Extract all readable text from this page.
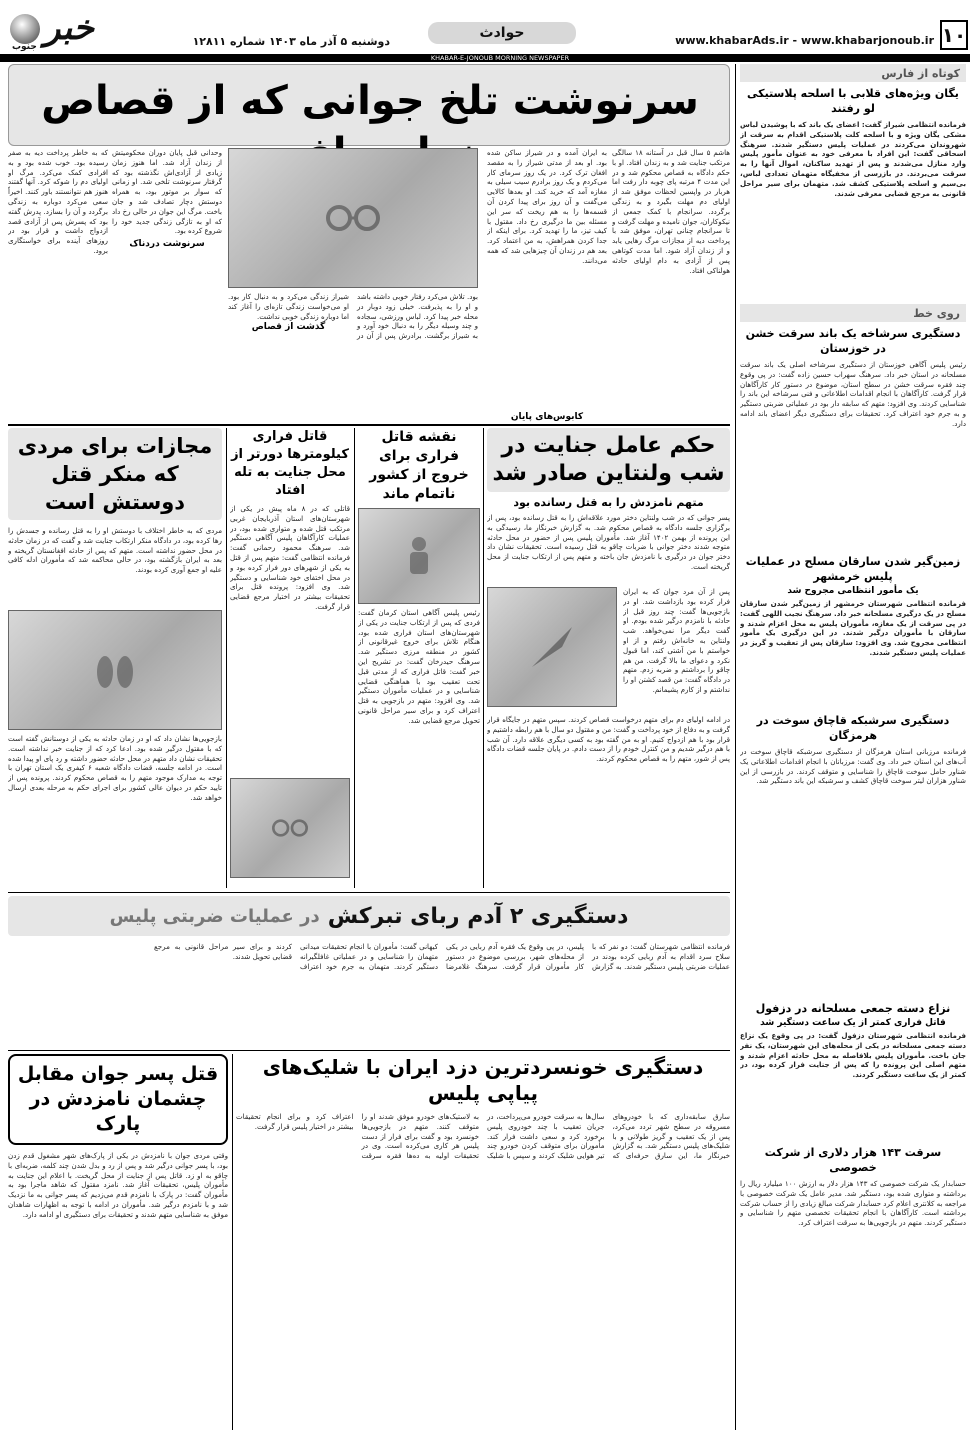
۱۰
www.khabarAds.ir - www.khabarjonoub.ir
حوادث
دوشنبه ۵ آذر ماه ۱۴۰۳ شماره ۱۲۸۱۱
خبر
جنوب
KHABAR-E-JONOUB MORNING NEWSPAPER
سرنوشت تلخ جوانی که از قصاص
هاشم ۵ سال قبل در آستانه ۱۸ سالگی مرتکب جنایت شد و به زندان افتاد. او با حکم دادگاه به قصاص محکوم شد و در این مدت ۴ مرتبه پای چوبه دار رفت اما هربار در واپسین لحظات موفق شد از اولیای دم مهلت بگیرد و به زندگی برگردد. سرانجام با کمک جمعی از نیکوکاران، جوان نامیده و مهلت گرفت و تا سرانجام چنانی تهران، موفق شد با پرداخت دیه از مجازات مرگ رهایی یابد و از زندان آزاد شود. اما مدت کوتاهی پس از آزادی به دام اولیای حادثه هولناکی افتاد.
به ایران آمده و در شیراز ساکن شده بود. او بعد از مدتی شیراز را به مقصد افغان ترک کرد. در یک روز سرمای کار می‌کردم و یک روز برادرم سیب سیلی به مغازه آمد که خرید کند. او بعدها کالایی می‌گفت و آن روز برای پیدا کردن آن قسمه‌ها را به هم ریخت که سر این مسئله بین ما درگیری رخ داد. مقتول با کیف تیز، ما را تهدید کرد. برای اینکه از جدا کردن همراهش، به من اعتماد کرد. بعد هم در زندان آن چیزهایی شد که همه می‌دانند.
کابوس‌های پایان
بود. تلاش می‌کرد رفتار خوبی داشته باشد و او را به پذیرفت. خیلی زود دوبار در محله خبر پیدا کرد. لباس ورزشی، سجاده و چند وسیله دیگر را به دنبال خود آورد و به شیراز برگشت. برادرش پس از آن در شیراز زندگی می‌کرد و به دنبال کار بود. او می‌خواست زندگی تازه‌ای را آغاز کند اما دوباره زندگی خوبی نداشت.
گذشت از قصاص
وحدانی قبل پایان دوران محکومیتش از زندان آزاد شد. اما هنوز زمان زیادی از آزادی‌اش نگذشته بود که گرفتار سرنوشت تلخی شد. او زمانی که سوار بر موتور بود، به همراه دوستش دچار تصادف شد و جان باخت. مرگ این جوان در حالی رخ داد که او به تازگی زندگی جدید خود را شروع کرده بود.
سرنوشت دردناک
که به خاطر پرداخت دیه به صفر رسیده بود. خوب شده بود و به افرادی کمک می‌کرد. مرگ او اولیای دم را شوکه کرد. آنها گفتند هنوز هم نتوانستند باور کنند. اخیراً سعی می‌کرد دوباره به زندگی برگردد و آن را بسازد. پدرش گفته بود که پسرش پس از آزادی قصد ازدواج داشت و قرار بود در روزهای آینده برای خواستگاری برود.
حکم عامل جنایت در شب ولنتاین صادر شد
متهم نامزدش را به قتل رسانده بود
پسر جوانی که در شب ولنتاین دختر مورد علاقه‌اش را به قتل رسانده بود، پس از برگزاری جلسه دادگاه به قصاص محکوم شد. به گزارش خبرنگار ما، رسیدگی به این پرونده از بهمن ۱۴۰۲ آغاز شد. مأموران پلیس پس از حضور در محل حادثه متوجه شدند دختر جوانی با ضربات چاقو به قتل رسیده است. تحقیقات نشان داد دختر جوان در درگیری با نامزدش جان باخته و متهم پس از ارتکاب جنایت از محل گریخته است.
پس از آن مرد جوان که به ایران فرار کرده بود بازداشت شد. او در بازجویی‌ها گفت: چند روز قبل از حادثه با نامزدم درگیر شده بودم. او گفت دیگر مرا نمی‌خواهد. شب ولنتاین به خانه‌اش رفتم و از او خواستم با من آشتی کند، اما قبول نکرد و دعوای ما بالا گرفت. من هم چاقو را برداشتم و ضربه زدم. متهم در دادگاه گفت: من قصد کشتن او را نداشتم و از کارم پشیمانم.
در ادامه اولیای دم برای متهم درخواست قصاص کردند. سپس متهم در جایگاه قرار گرفت و به دفاع از خود پرداخت و گفت: من و مقتول دو سال با هم رابطه داشتیم و قرار بود با هم ازدواج کنیم. او به من گفته بود به کسی دیگری علاقه دارد. آن شب با هم درگیر شدیم و من کنترل خودم را از دست دادم. در پایان جلسه قضات دادگاه پس از شور، متهم را به قصاص محکوم کردند.
نقشه قاتل فراری برای خروج از کشور ناتمام ماند
رئیس پلیس آگاهی استان کرمان گفت: فردی که پس از ارتکاب جنایت در یکی از شهرستان‌های استان فراری شده بود، هنگام تلاش برای خروج غیرقانونی از کشور در منطقه مرزی دستگیر شد. سرهنگ حیدرخان گفت: در تشریح این خبر گفت: قاتل فراری که از مدتی قبل تحت تعقیب بود با هماهنگی قضایی شناسایی و در عملیات مأموران دستگیر شد. وی افزود: متهم در بازجویی به قتل اعتراف کرد و برای سیر مراحل قانونی تحویل مرجع قضایی شد.
قاتل فراری کیلومترها دورتر از محل جنایت به تله افتاد
قاتلی که در ۸ ماه پیش در یکی از شهرستان‌های استان آذربایجان غربی مرتکب قتل شده و متواری شده بود، در عملیات کارآگاهان پلیس آگاهی دستگیر شد. سرهنگ محمود رحمانی گفت: فرمانده انتظامی گفت: متهم پس از قتل به یکی از شهرهای دور فرار کرده بود و در محل اختفای خود شناسایی و دستگیر شد. وی افزود: پرونده قتل برای تحقیقات بیشتر در اختیار مرجع قضایی قرار گرفت.
مجازات برای مردی که منکر قتل دوستش است
مردی که به خاطر اختلاف با دوستش او را به قتل رسانده و جسدش را رها کرده بود، در دادگاه منکر ارتکاب جنایت شد و گفت که در زمان حادثه در محل حضور نداشته است. متهم که پس از حادثه افغانستان گریخته و بعد به ایران بازگشته بود، در حالی محاکمه شد که مأموران ادله کافی علیه او جمع آوری کرده بودند.
بازجویی‌ها نشان داد که او در زمان حادثه به یکی از دوستانش گفته است که با مقتول درگیر شده بود. ادعا کرد که از جنایت خبر نداشته است. تحقیقات نشان داد متهم در محل حادثه حضور داشته و رد پای او پیدا شده است. در ادامه جلسه، قضات دادگاه شعبه ۶ کیفری یک استان تهران با توجه به مدارک موجود متهم را به قصاص محکوم کردند. پرونده پس از تایید حکم در دیوان عالی کشور برای اجرای حکم به مرحله بعدی ارسال خواهد شد.
دستگیری ۲ آدم ربای تبرکش
در عملیات ضربتی پلیس
فرمانده انتظامی شهرستان گفت: دو نفر که با سلاح سرد اقدام به آدم ربایی کرده بودند در عملیات ضربتی پلیس دستگیر شدند. به گزارش پلیس، در پی وقوع یک فقره آدم ربایی در یکی از محله‌های شهر، بررسی موضوع در دستور کار مأموران قرار گرفت. سرهنگ غلامرضا کیهانی گفت: مأموران با انجام تحقیقات میدانی متهمان را شناسایی و در عملیاتی غافلگیرانه دستگیر کردند. متهمان به جرم خود اعتراف کردند و برای سیر مراحل قانونی به مرجع قضایی تحویل شدند.
دستگیری خونسردترین دزد ایران با شلیک‌های پیاپی پلیس
سارق سابقه‌داری که با خودروهای مسروقه در سطح شهر تردد می‌کرد، پس از یک تعقیب و گریز طولانی و با شلیک‌های پلیس دستگیر شد. به گزارش خبرنگار ما، این سارق حرفه‌ای که سال‌ها به سرقت خودرو می‌پرداخت، در جریان تعقیب با چند خودروی پلیس برخورد کرد و سعی داشت فرار کند. مأموران برای متوقف کردن خودرو چند تیر هوایی شلیک کردند و سپس با شلیک به لاستیک‌های خودرو موفق شدند او را متوقف کنند. متهم در بازجویی‌ها خونسرد بود و گفت برای فرار از دست پلیس هر کاری می‌کرده است. وی در تحقیقات اولیه به ده‌ها فقره سرقت اعتراف کرد و برای انجام تحقیقات بیشتر در اختیار پلیس قرار گرفت.
قتل پسر جوان مقابل چشمان نامزدش در پارک
وقتی مردی جوان با نامزدش در یکی از پارک‌های شهر مشغول قدم زدن بود، با پسر جوانی درگیر شد و پس از رد و بدل شدن چند کلمه، ضربه‌ای با چاقو به او زد. قاتل پس از جنایت از محل گریخت. با اعلام این جنایت به مأموران پلیس، تحقیقات آغاز شد. نامزد مقتول که شاهد ماجرا بود به مأموران گفت: در پارک با نامزدم قدم می‌زدیم که پسر جوانی به ما نزدیک شد و با نامزدم درگیر شد. مأموران در ادامه با توجه به اظهارات شاهدان موفق به شناسایی متهم شدند و تحقیقات برای دستگیری او ادامه دارد.
کوتاه از فارس
یگان ویژه‌های قلابی با اسلحه پلاستیکی لو رفتند
فرمانده انتظامی شیراز گفت: اعضای یک باند که با پوشیدن لباس مشکی یگان ویژه و با اسلحه کلت پلاستیکی اقدام به سرقت از شهروندان می‌کردند در عملیات پلیس دستگیر شدند. سرهنگ اسحاقی گفت: این افراد با معرفی خود به عنوان مأمور پلیس وارد منازل می‌شدند و پس از تهدید ساکنان، اموال آنها را به سرقت می‌بردند. در بازرسی از مخفیگاه متهمان تعدادی لباس، بی‌سیم و اسلحه پلاستیکی کشف شد. متهمان برای سیر مراحل قانونی به مرجع قضایی معرفی شدند.
روی خط
دستگیری سرشاخه یک باند سرقت خشن در خوزستان
رئیس پلیس آگاهی خوزستان از دستگیری سرشاخه اصلی یک باند سرقت مسلحانه در استان خبر داد. سرهنگ سهراب حسین زاده گفت: در پی وقوع چند فقره سرقت خشن در سطح استان، موضوع در دستور کار کارآگاهان قرار گرفت. کارآگاهان با انجام اقدامات اطلاعاتی و فنی سرشاخه این باند را شناسایی کردند. وی افزود: متهم که سابقه دار بود در عملیاتی ضربتی دستگیر و به جرم خود اعتراف کرد. تحقیقات برای دستگیری دیگر اعضای باند ادامه دارد.
زمین‌گیر شدن سارقان مسلح در عملیات پلیس خرمشهر
یک مأمور انتظامی مجروح شد
فرمانده انتظامی شهرستان خرمشهر از زمین‌گیر شدن سارقان مسلح در یک درگیری مسلحانه خبر داد. سرهنگ نجیب اللهی گفت: در پی سرقت از یک مغازه، مأموران پلیس به محل اعزام شدند و سارقان با مأموران درگیر شدند. در این درگیری یک مأمور انتظامی مجروح شد. وی افزود: سارقان پس از تعقیب و گریز در عملیات پلیس دستگیر شدند.
دستگیری سرشبکه قاچاق سوخت در هرمزگان
فرمانده مرزبانی استان هرمزگان از دستگیری سرشبکه قاچاق سوخت در آب‌های این استان خبر داد. وی گفت: مرزبانان با انجام اقدامات اطلاعاتی یک شناور حامل سوخت قاچاق را شناسایی و متوقف کردند. در بازرسی از این شناور هزاران لیتر سوخت قاچاق کشف و سرشبکه این باند دستگیر شد.
نزاع دسته جمعی مسلحانه در دزفول
قاتل فراری کمتر از یک ساعت دستگیر شد
فرمانده انتظامی شهرستان دزفول گفت: در پی وقوع یک نزاع دسته جمعی مسلحانه در یکی از محله‌های این شهرستان، یک نفر جان باخت. مأموران پلیس بلافاصله به محل حادثه اعزام شدند و متهم اصلی این پرونده را که پس از جنایت فرار کرده بود، در کمتر از یک ساعت دستگیر کردند.
سرقت ۱۴۳ هزار دلاری از شرکت خصوصی
حسابدار یک شرکت خصوصی که ۱۴۳ هزار دلار به ارزش ۱۰۰ میلیارد ریال را برداشته و متواری شده بود، دستگیر شد. مدیر عامل یک شرکت خصوصی با مراجعه به کلانتری اعلام کرد حسابدار شرکت مبالغ زیادی را از حساب شرکت برداشته است. کارآگاهان با انجام تحقیقات تخصصی متهم را شناسایی و دستگیر کردند. متهم در بازجویی‌ها به سرقت اعتراف کرد.
